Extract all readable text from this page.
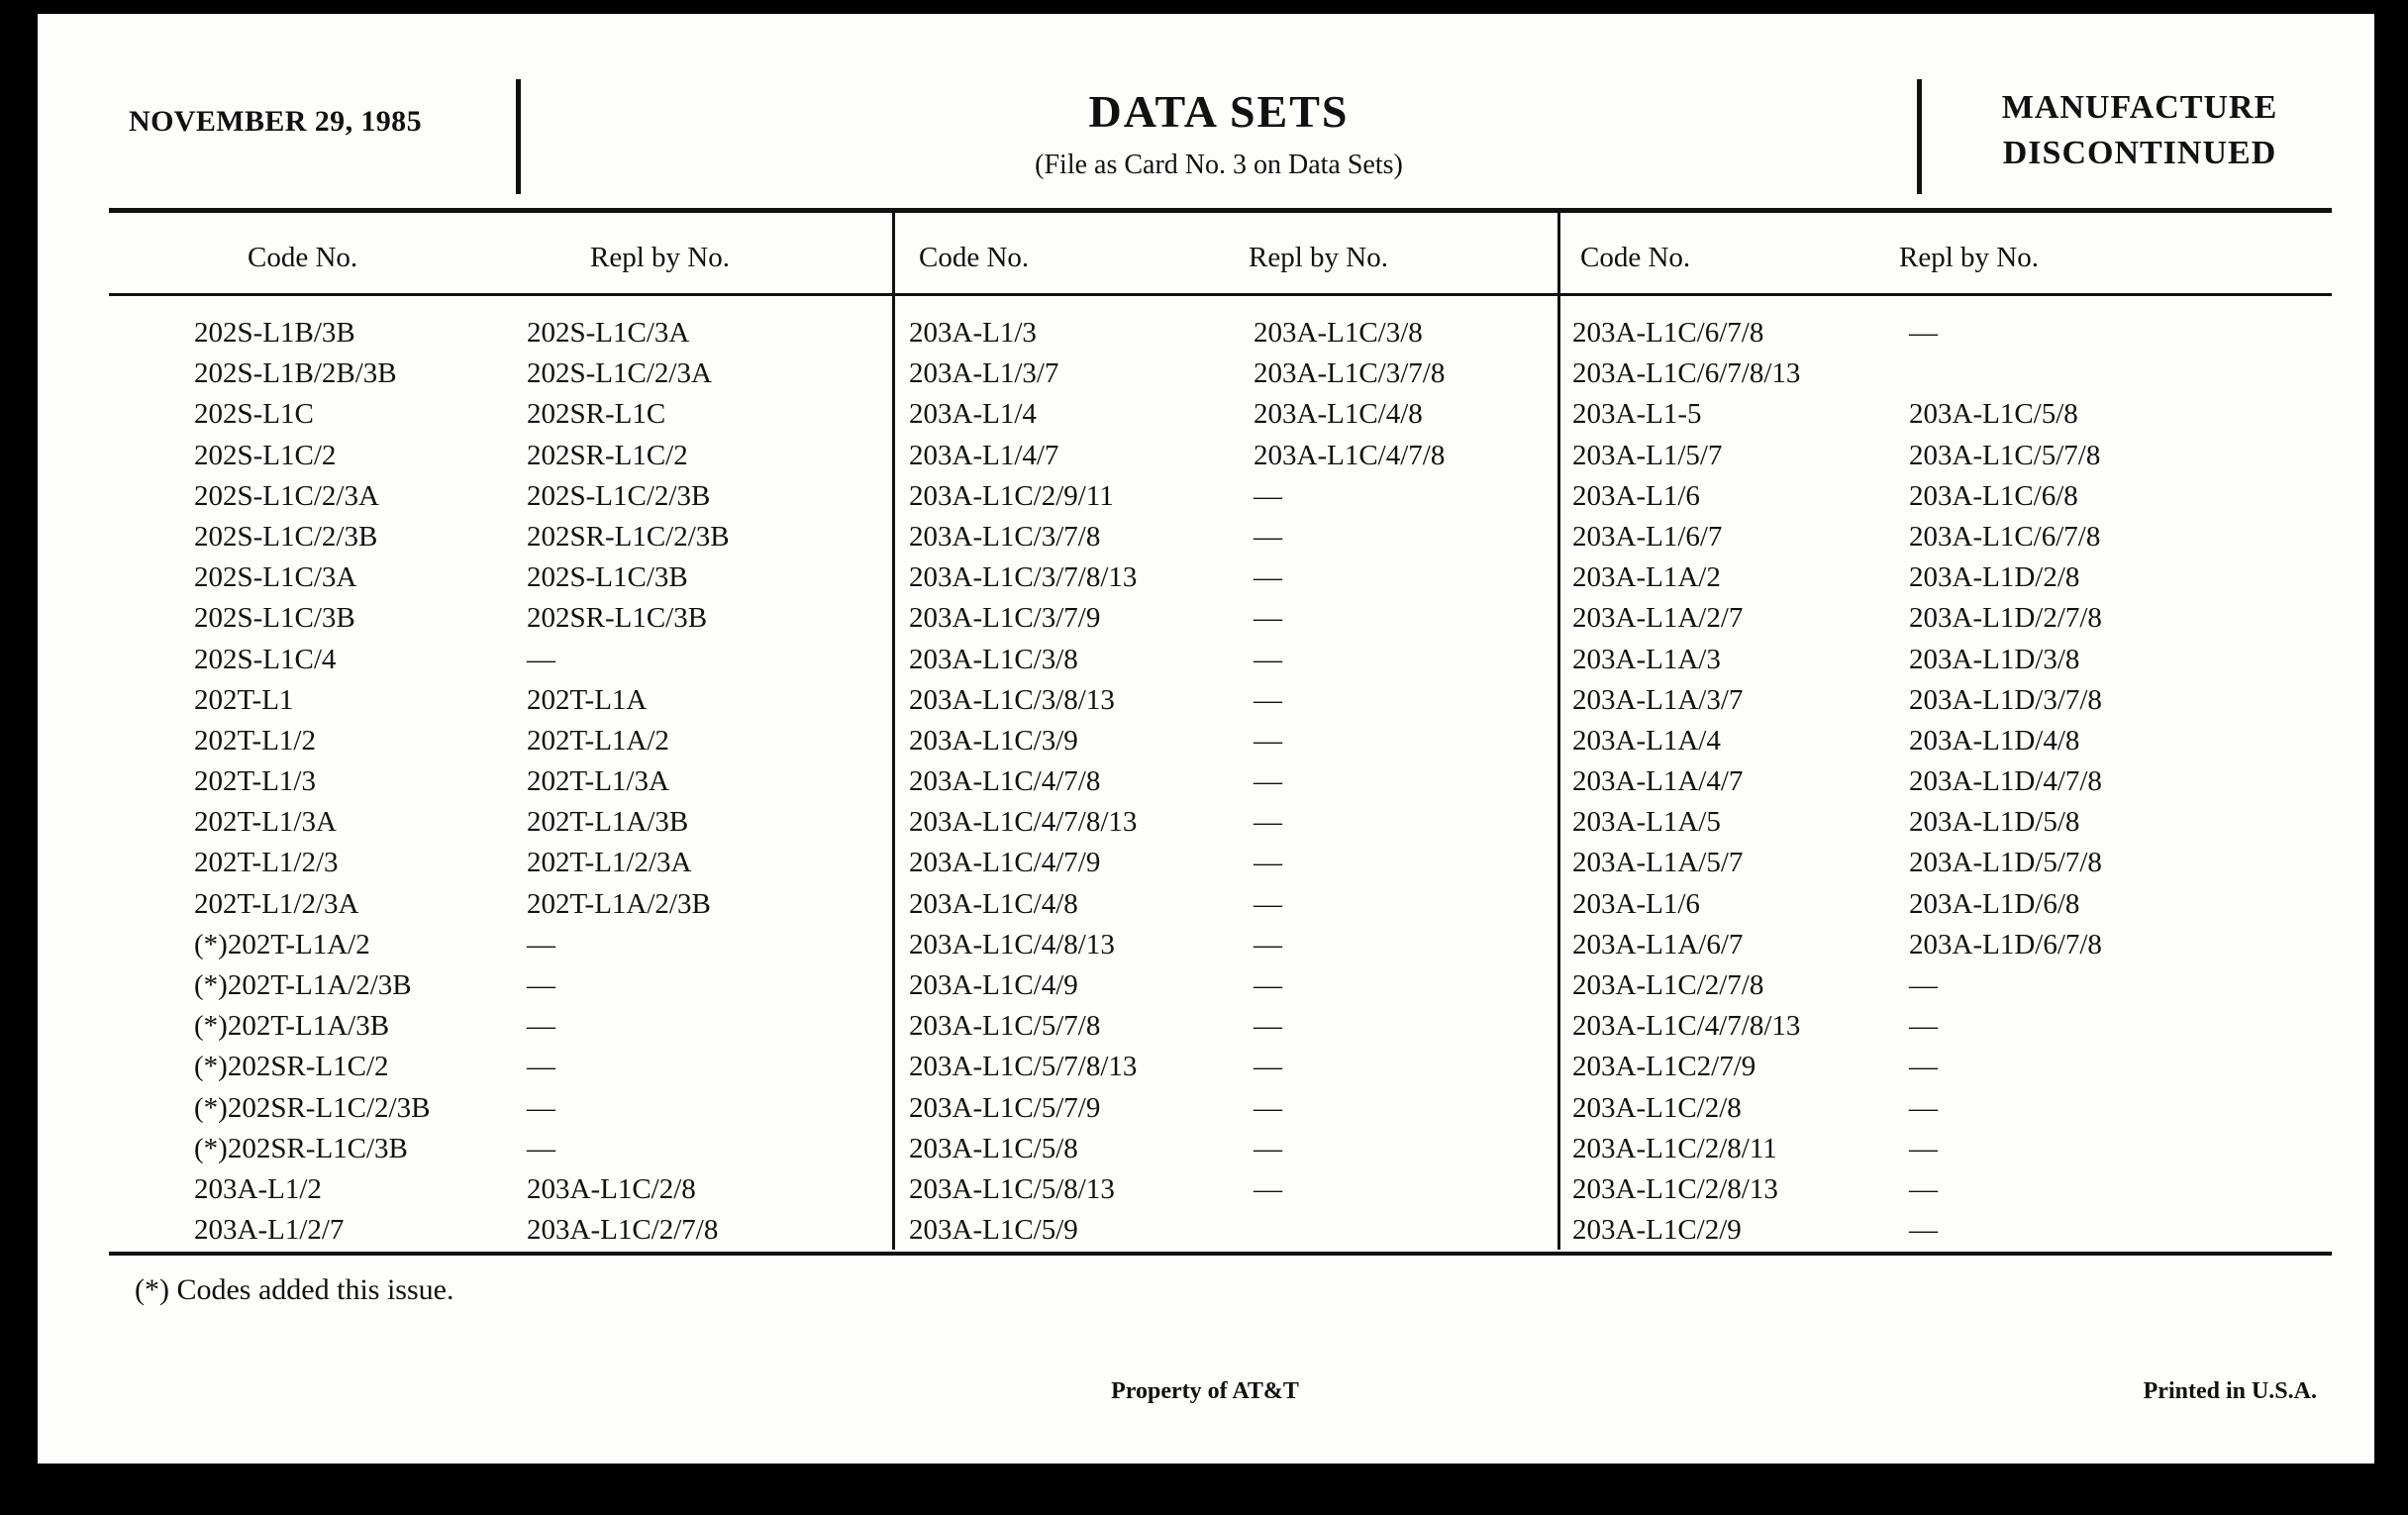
NOVEMBER 29, 1985	DATA SETS
(File as Card No. 3 on Data Sets)
MANUFACTURE
DISCONTINUED
Code No.	Repl by No.	Code No.	Repl by No.	Code No.	Repl by No.
202S-L1B/3B	202S-L1C/3A
202S-L1B/2B/3B	202S-L1C/2/3A
202S-L1C	202SR-L1C
202S-L1C/2	202SR-L1C/2
202S-L1C/2/3A	202S-L1C/2/3B
202S-L1C/2/3B	202SR-L1C/2/3B
202S-L1C/3A	202S-L1C/3B
202S-L1C/3B	202SR-L1C/3B
202S-L1C/4	—
202T-L1	202T-L1A
202T-L1/2	202T-L1A/2
202T-L1/3	202T-L1/3A
202T-L1/3A	202T-L1A/3B
202T-L1/2/3	202T-L1/2/3A
202T-L1/2/3A	202T-L1A/2/3B
(*)202T-L1A/2	—
(*)202T-L1A/2/3B	—
(*)202T-L1A/3B	—
(*)202SR-L1C/2	—
(*)202SR-L1C/2/3B	—
(*)202SR-L1C/3B	—
203A-L1/2	203A-L1C/2/8
203A-L1/2/7	203A-L1C/2/7/8
203A-L1/3	203A-L1C/3/8
203A-L1/3/7	203A-L1C/3/7/8
203A-L1/4	203A-L1C/4/8
203A-L1/4/7	203A-L1C/4/7/8
203A-L1C/2/9/11	—
203A-L1C/3/7/8	—
203A-L1C/3/7/8/13	—
203A-L1C/3/7/9	—
203A-L1C/3/8	—
203A-L1C/3/8/13	—
203A-L1C/3/9	—
203A-L1C/4/7/8	—
203A-L1C/4/7/8/13	—
203A-L1C/4/7/9	—
203A-L1C/4/8	—
203A-L1C/4/8/13	—
203A-L1C/4/9	—
203A-L1C/5/7/8	—
203A-L1C/5/7/8/13	—
203A-L1C/5/7/9	—
203A-L1C/5/8	—
203A-L1C/5/8/13	—
203A-L1C/5/9
203A-L1C/6/7/8	—
203A-L1C/6/7/8/13
203A-L1-5	203A-L1C/5/8
203A-L1/5/7	203A-L1C/5/7/8
203A-L1/6	203A-L1C/6/8
203A-L1/6/7	203A-L1C/6/7/8
203A-L1A/2	203A-L1D/2/8
203A-L1A/2/7	203A-L1D/2/7/8
203A-L1A/3	203A-L1D/3/8
203A-L1A/3/7	203A-L1D/3/7/8
203A-L1A/4	203A-L1D/4/8
203A-L1A/4/7	203A-L1D/4/7/8
203A-L1A/5	203A-L1D/5/8
203A-L1A/5/7	203A-L1D/5/7/8
203A-L1/6	203A-L1D/6/8
203A-L1A/6/7	203A-L1D/6/7/8
203A-L1C/2/7/8	—
203A-L1C/4/7/8/13	—
203A-L1C2/7/9	—
203A-L1C/2/8	—
203A-L1C/2/8/11	—
203A-L1C/2/8/13	—
203A-L1C/2/9	—
(*) Codes added this issue.
Property of AT&T	Printed in U.S.A.
